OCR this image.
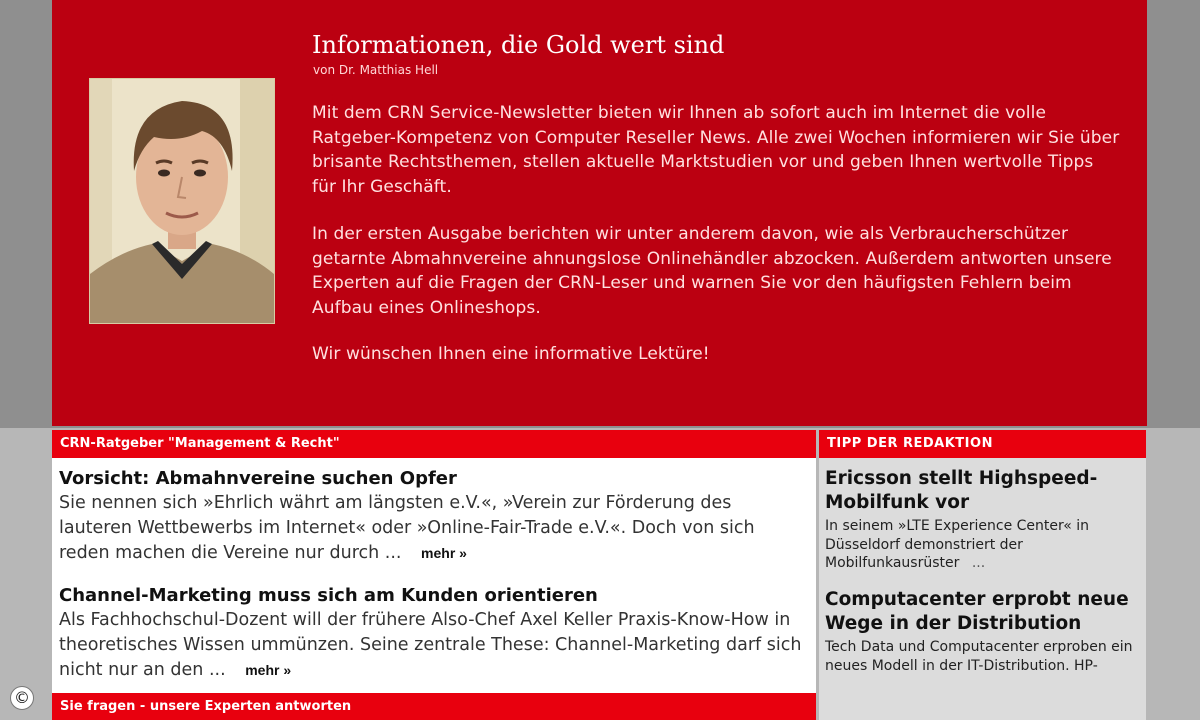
Informationen, die Gold wert sind
von Dr. Matthias Hell

Mit dem CRN Service-Newsletter bieten wir Ihnen ab sofort auch im Internet die volle Ratgeber-Kompetenz von Computer Reseller News. Alle zwei Wochen informieren wir Sie über brisante Rechtsthemen, stellen aktuelle Marktstudien vor und geben Ihnen wertvolle Tipps für Ihr Geschäft.

In der ersten Ausgabe berichten wir unter anderem davon, wie als Verbraucherschützer getarnte Abmahnvereine ahnungslose Onlinehändler abzocken. Außerdem antworten unsere Experten auf die Fragen der CRN-Leser und warnen Sie vor den häufigsten Fehlern beim Aufbau eines Onlineshops.

Wir wünschen Ihnen eine informative Lektüre!

CRN-Ratgeber "Management & Recht"
Vorsicht: Abmahnvereine suchen Opfer
Sie nennen sich »Ehrlich währt am längsten e.V.«, »Verein zur Förderung des lauteren Wettbewerbs im Internet« oder »Online-Fair-Trade e.V.«. Doch von sich reden machen die Vereine nur durch ... mehr »
Channel-Marketing muss sich am Kunden orientieren
Als Fachhochschul-Dozent will der frühere Also-Chef Axel Keller Praxis-Know-How in theoretisches Wissen ummünzen. Seine zentrale These: Channel-Marketing darf sich nicht nur an den ... mehr »
Sie fragen - unsere Experten antworten
TIPP DER REDAKTION
Ericsson stellt Highspeed-Mobilfunk vor
In seinem »LTE Experience Center« in Düsseldorf demonstriert der Mobilfunkausrüster ...
Computacenter erprobt neue Wege in der Distribution
Tech Data und Computacenter erproben ein neues Modell in der IT-Distribution. HP-
©
